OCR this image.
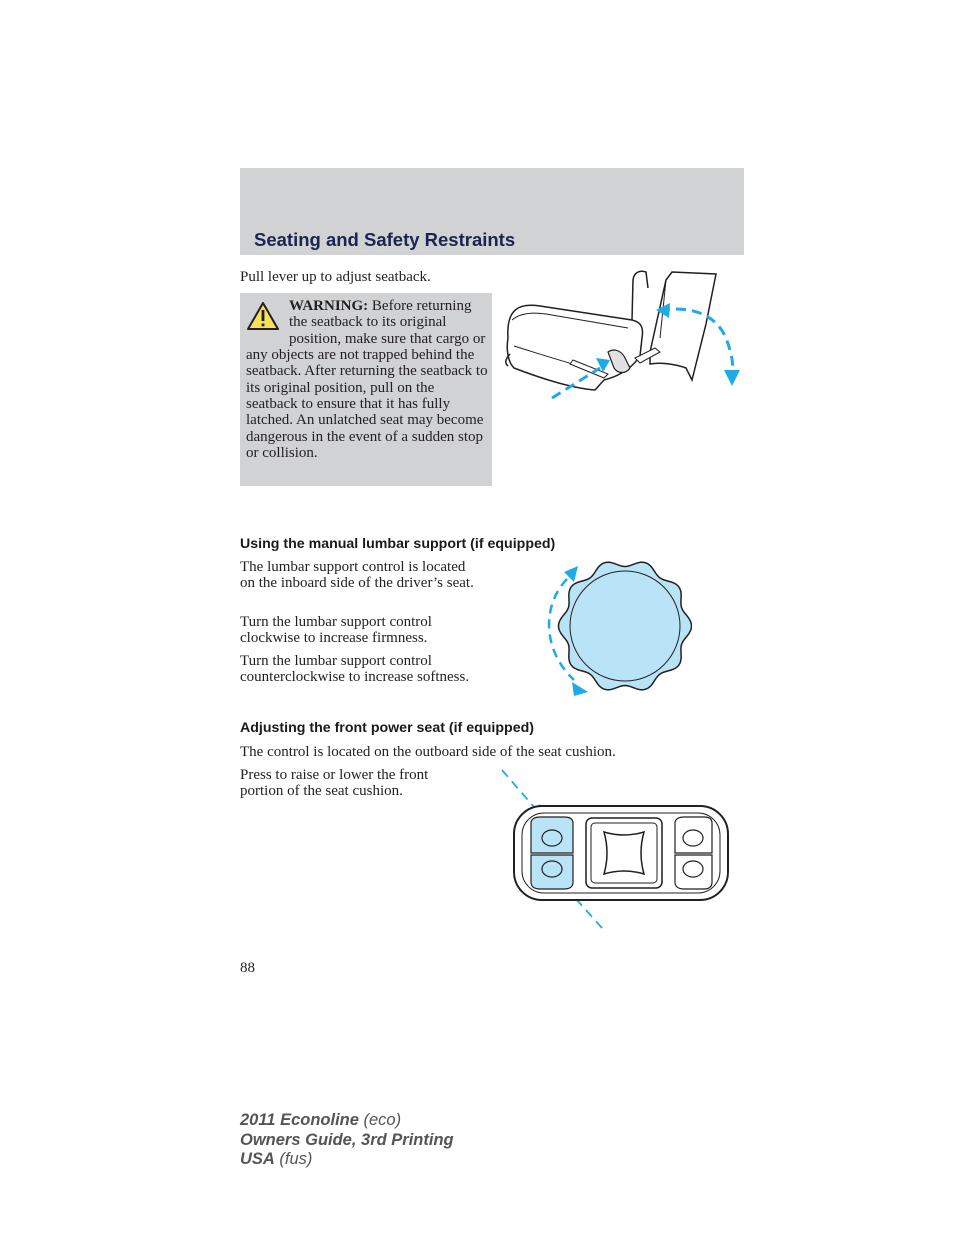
Seating and Safety Restraints

Pull lever up to adjust seatback.

WARNING: Before returning the seatback to its original position, make sure that cargo or any objects are not trapped behind the seatback. After returning the seatback to its original position, pull on the seatback to ensure that it has fully latched. An unlatched seat may become dangerous in the event of a sudden stop or collision.

Using the manual lumbar support (if equipped)

The lumbar support control is located on the inboard side of the driver’s seat.

Turn the lumbar support control clockwise to increase firmness.

Turn the lumbar support control counterclockwise to increase softness.

Adjusting the front power seat (if equipped)

The control is located on the outboard side of the seat cushion.

Press to raise or lower the front portion of the seat cushion.

88

2011 Econoline (eco)
Owners Guide, 3rd Printing
USA (fus)
